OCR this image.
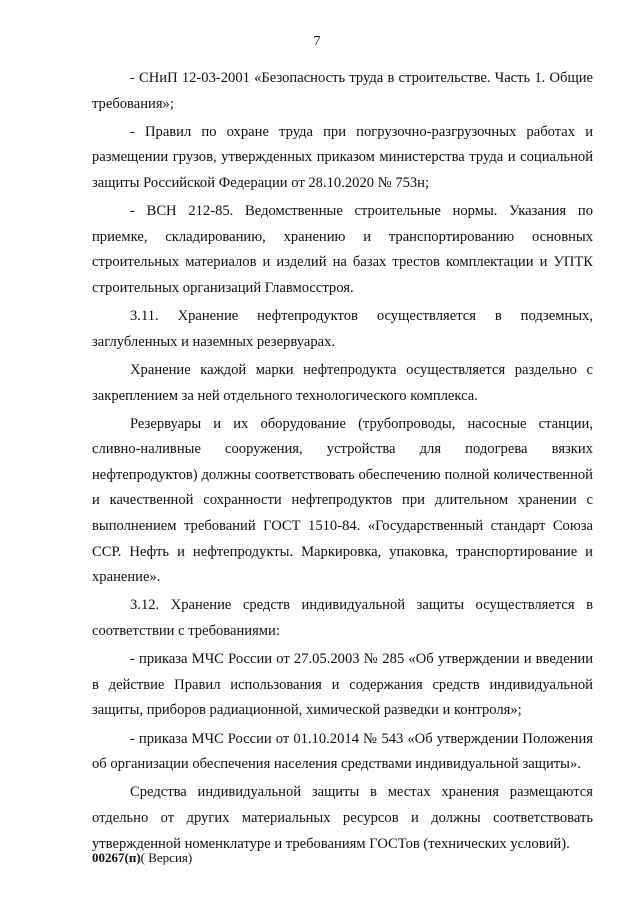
7

- СНиП 12-03-2001 «Безопасность труда в строительстве. Часть 1. Общие требования»;

- Правил по охране труда при погрузочно-разгрузочных работах и размещении грузов, утвержденных приказом министерства труда и социальной защиты Российской Федерации от 28.10.2020 № 753н;

- ВСН 212-85. Ведомственные строительные нормы. Указания по приемке, складированию, хранению и транспортированию основных строительных материалов и изделий на базах трестов комплектации и УПТК строительных организаций Главмосстроя.

3.11. Хранение нефтепродуктов осуществляется в подземных, заглубленных и наземных резервуарах.

Хранение каждой марки нефтепродукта осуществляется раздельно с закреплением за ней отдельного технологического комплекса.

Резервуары и их оборудование (трубопроводы, насосные станции, сливно-наливные сооружения, устройства для подогрева вязких нефтепродуктов) должны соответствовать обеспечению полной количественной и качественной сохранности нефтепродуктов при длительном хранении с выполнением требований ГОСТ 1510-84. «Государственный стандарт Союза ССР. Нефть и нефтепродукты. Маркировка, упаковка, транспортирование и хранение».

3.12. Хранение средств индивидуальной защиты осуществляется в соответствии с требованиями:

- приказа МЧС России от 27.05.2003 № 285 «Об утверждении и введении в действие Правил использования и содержания средств индивидуальной защиты, приборов радиационной, химической разведки и контроля»;

- приказа МЧС России от 01.10.2014 № 543 «Об утверждении Положения об организации обеспечения населения средствами индивидуальной защиты».

Средства индивидуальной защиты в местах хранения размещаются отдельно от других материальных ресурсов и должны соответствовать утвержденной номенклатуре и требованиям ГОСТов (технических условий).

00267(п)( Версия)
